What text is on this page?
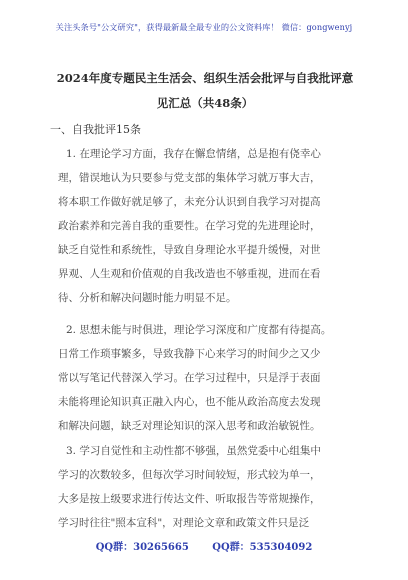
关注头条号"公文研究"，获得最新最全最专业的公文资料库！ 微信：gongwenyj
2024年度专题民主生活会、组织生活会批评与自我批评意
见汇总（共48条）
一、自我批评15条
1. 在理论学习方面，我存在懈怠情绪，总是抱有侥幸心
理，错误地认为只要参与党支部的集体学习就万事大吉，
将本职工作做好就足够了，未充分认识到自我学习对提高
政治素养和完善自我的重要性。在学习党的先进理论时，
缺乏自觉性和系统性，导致自身理论水平提升缓慢，对世
界观、人生观和价值观的自我改造也不够重视，进而在看
待、分析和解决问题时能力明显不足。
2. 思想未能与时俱进，理论学习深度和广度都有待提高。
日常工作琐事繁多，导致我静下心来学习的时间少之又少
常以写笔记代替深入学习。在学习过程中，只是浮于表面
未能将理论知识真正融入内心，也不能从政治高度去发现
和解决问题，缺乏对理论知识的深入思考和政治敏锐性。
3. 学习自觉性和主动性都不够强，虽然党委中心组集中
学习的次数较多，但每次学习时间较短，形式较为单一，
大多是按上级要求进行传达文件、听取报告等常规操作，
学习时往往"照本宣科"，对理论文章和政策文件只是泛
QQ群：30265665 QQ群：535304092
